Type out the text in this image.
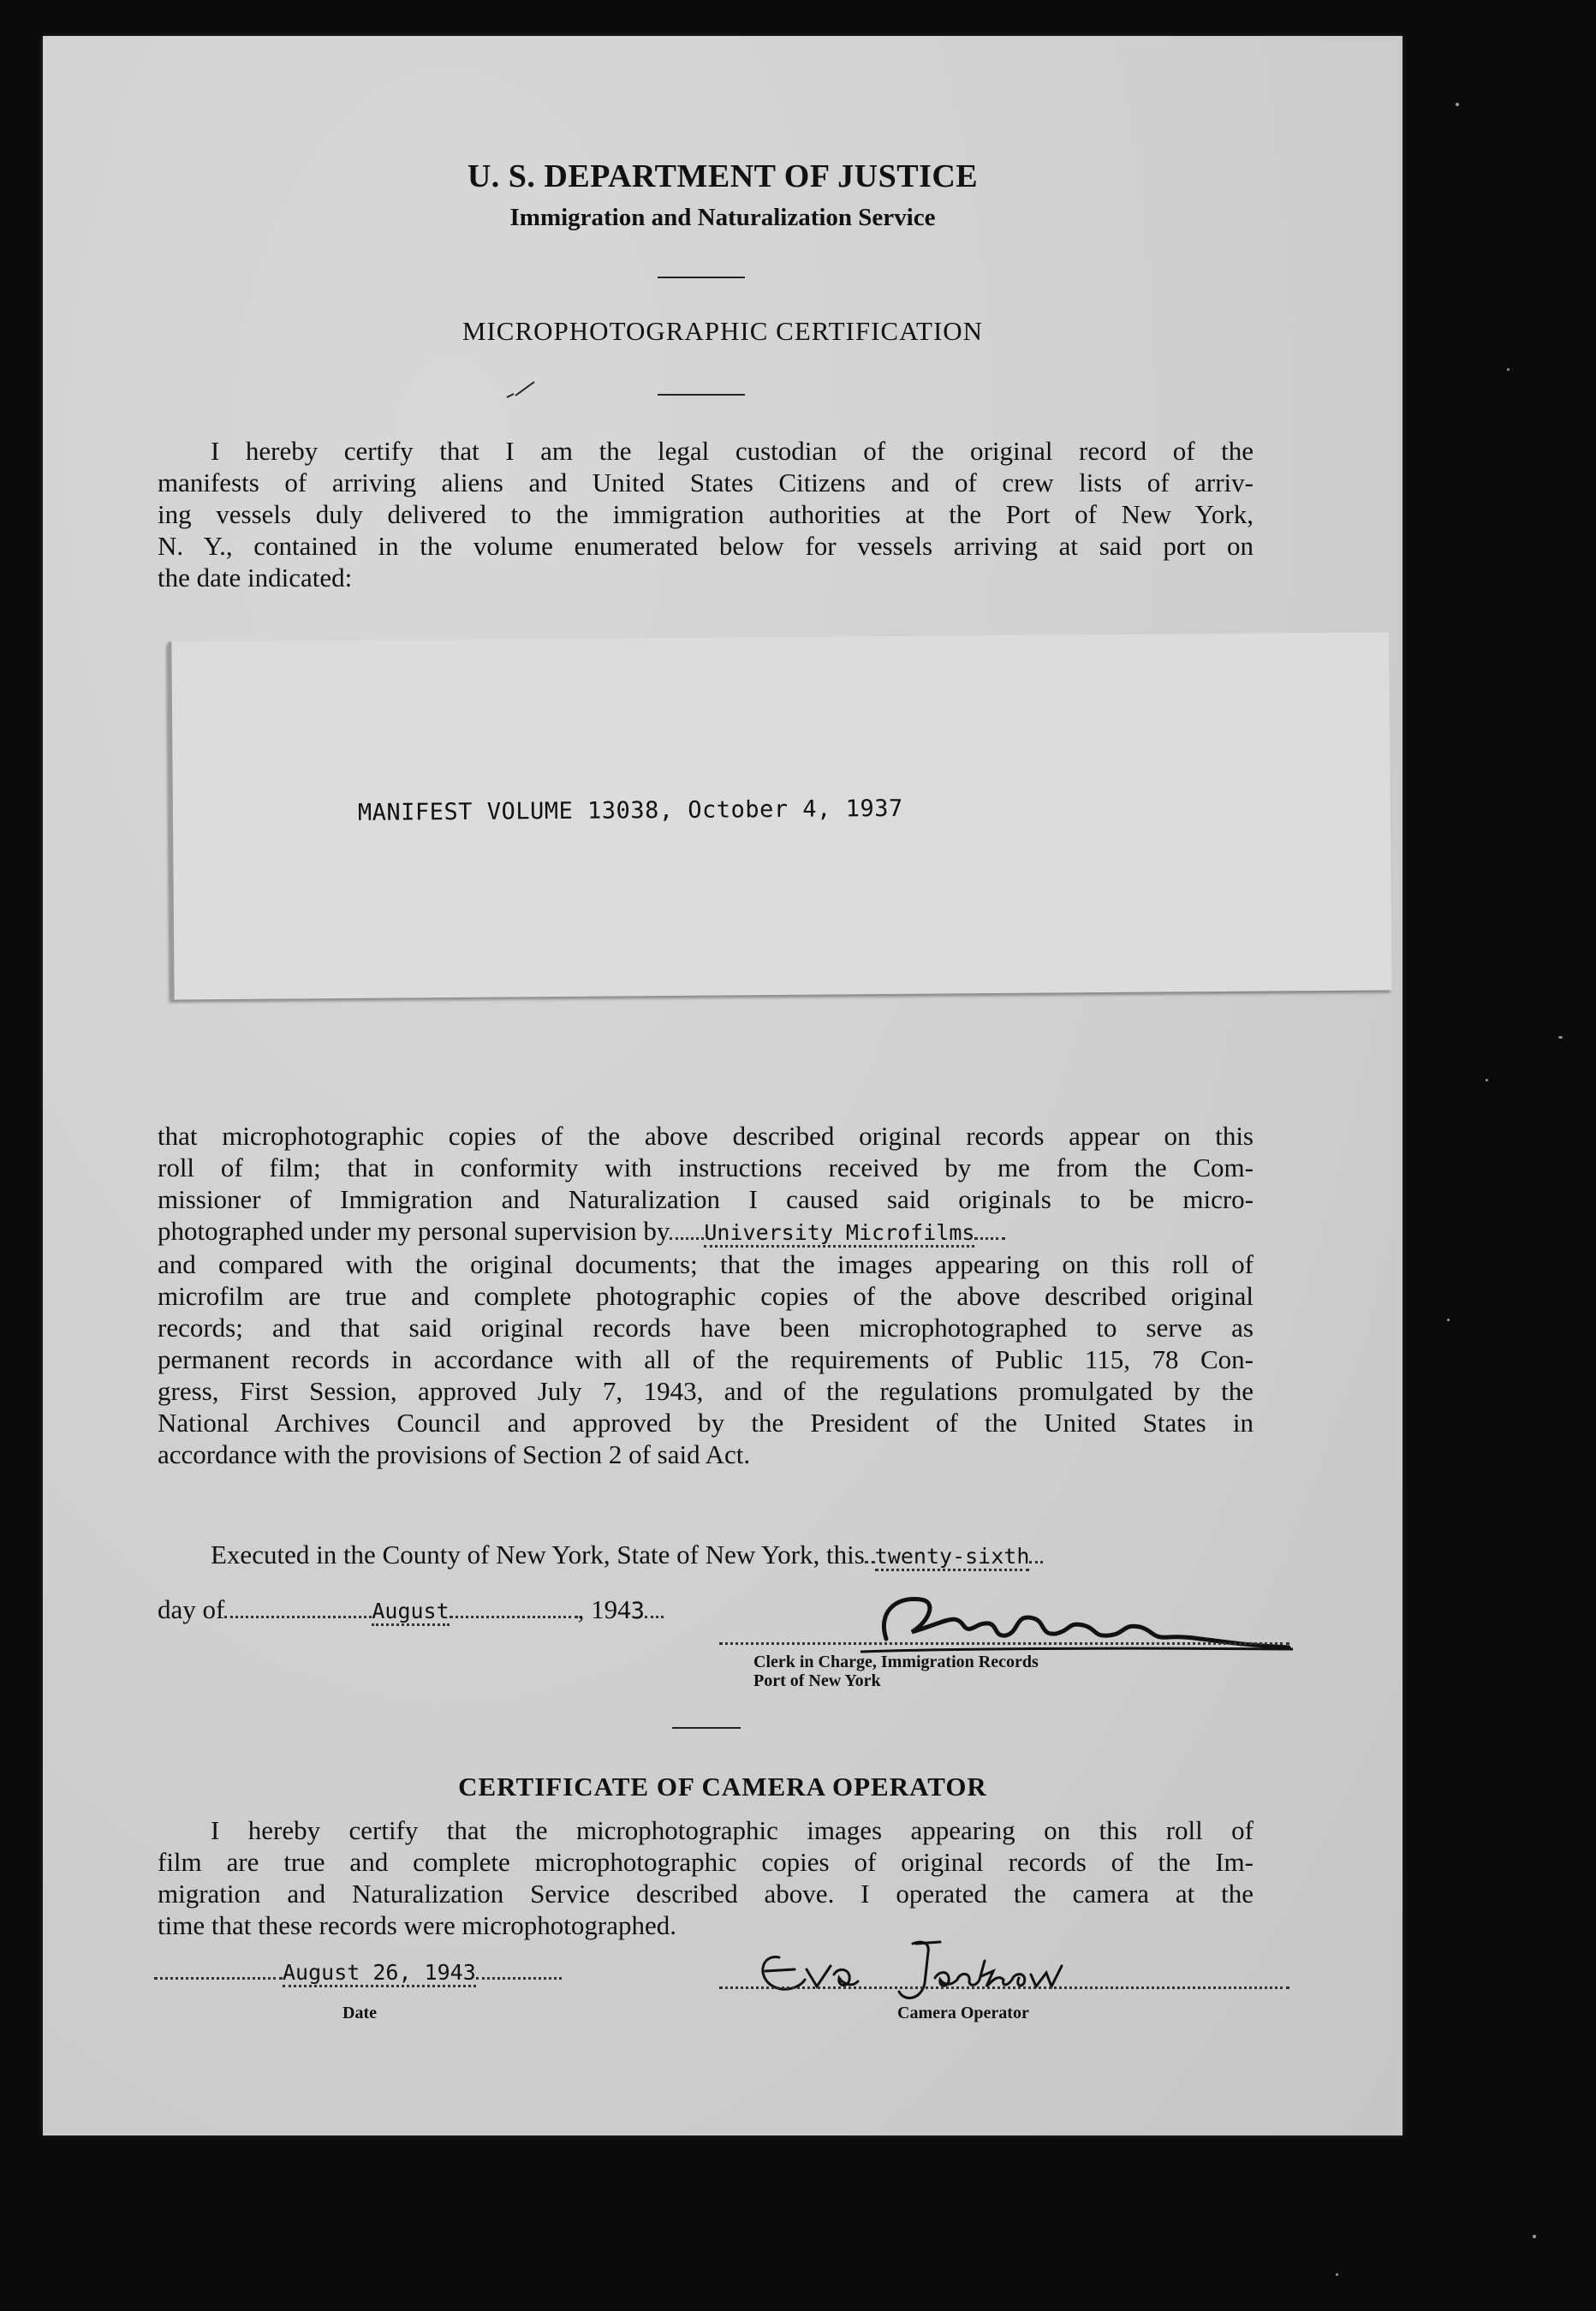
U. S. DEPARTMENT OF JUSTICE
Immigration and Naturalization Service
MICROPHOTOGRAPHIC CERTIFICATION
I hereby certify that I am the legal custodian of the original record of the
manifests of arriving aliens and United States Citizens and of crew lists of arriv-
ing vessels duly delivered to the immigration authorities at the Port of New York,
N. Y., contained in the volume enumerated below for vessels arriving at said port on
the date indicated:
MANIFEST VOLUME 13038, October 4, 1937
that microphotographic copies of the above described original records appear on this
roll of film; that in conformity with instructions received by me from the Com-
missioner of Immigration and Naturalization I caused said originals to be micro-
photographed under my personal supervision by University Microfilms
and compared with the original documents; that the images appearing on this roll of
microfilm are true and complete photographic copies of the above described original
records; and that said original records have been microphotographed to serve as
permanent records in accordance with all of the requirements of Public 115, 78 Con-
gress, First Session, approved July 7, 1943, and of the regulations promulgated by the
National Archives Council and approved by the President of the United States in
accordance with the provisions of Section 2 of said Act.
Executed in the County of New York, State of New York, this twenty-sixth
day of	August	, 1943
Clerk in Charge, Immigration Records
Port of New York
CERTIFICATE OF CAMERA OPERATOR
I hereby certify that the microphotographic images appearing on this roll of
film are true and complete microphotographic copies of original records of the Im-
migration and Naturalization Service described above. I operated the camera at the
time that these records were microphotographed.
August 26, 1943
Date	Camera Operator
